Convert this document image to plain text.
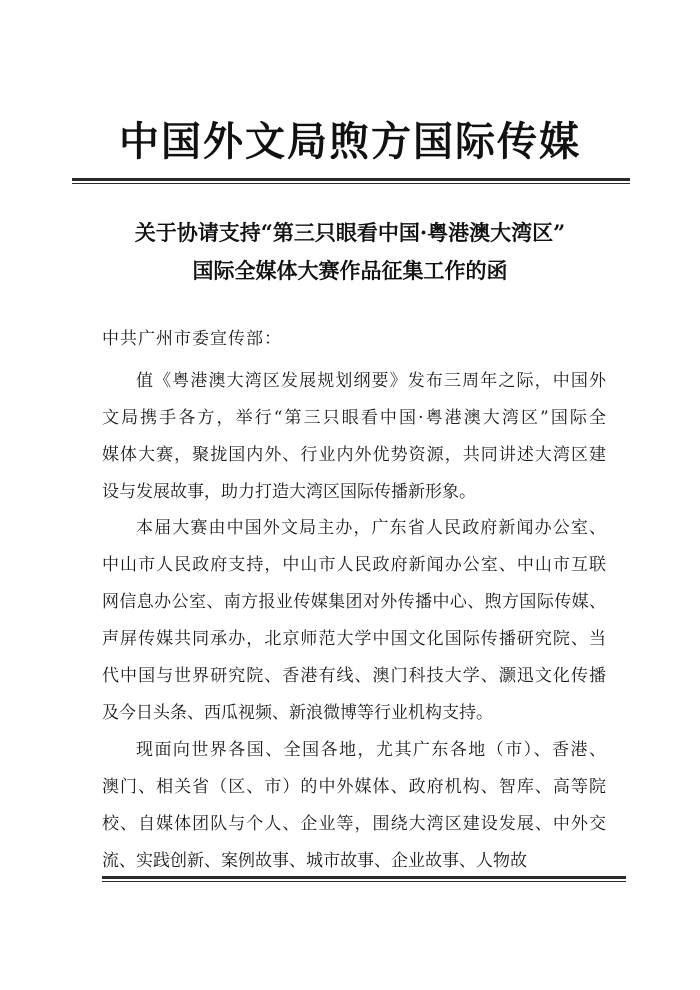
中国外文局煦方国际传媒
关于协请支持“第三只眼看中国·粤港澳大湾区”
国际全媒体大赛作品征集工作的函
中共广州市委宣传部：
值《粤港澳大湾区发展规划纲要》发布三周年之际，中国外
文局携手各方，举行“第三只眼看中国·粤港澳大湾区”国际全
媒体大赛，聚拢国内外、行业内外优势资源，共同讲述大湾区建
设与发展故事，助力打造大湾区国际传播新形象。
本届大赛由中国外文局主办，广东省人民政府新闻办公室、
中山市人民政府支持，中山市人民政府新闻办公室、中山市互联
网信息办公室、南方报业传媒集团对外传播中心、煦方国际传媒、
声屏传媒共同承办，北京师范大学中国文化国际传播研究院、当
代中国与世界研究院、香港有线、澳门科技大学、灏迅文化传播
及今日头条、西瓜视频、新浪微博等行业机构支持。
现面向世界各国、全国各地，尤其广东各地（市）、香港、
澳门、相关省（区、市）的中外媒体、政府机构、智库、高等院
校、自媒体团队与个人、企业等，围绕大湾区建设发展、中外交
流、实践创新、案例故事、城市故事、企业故事、人物故
